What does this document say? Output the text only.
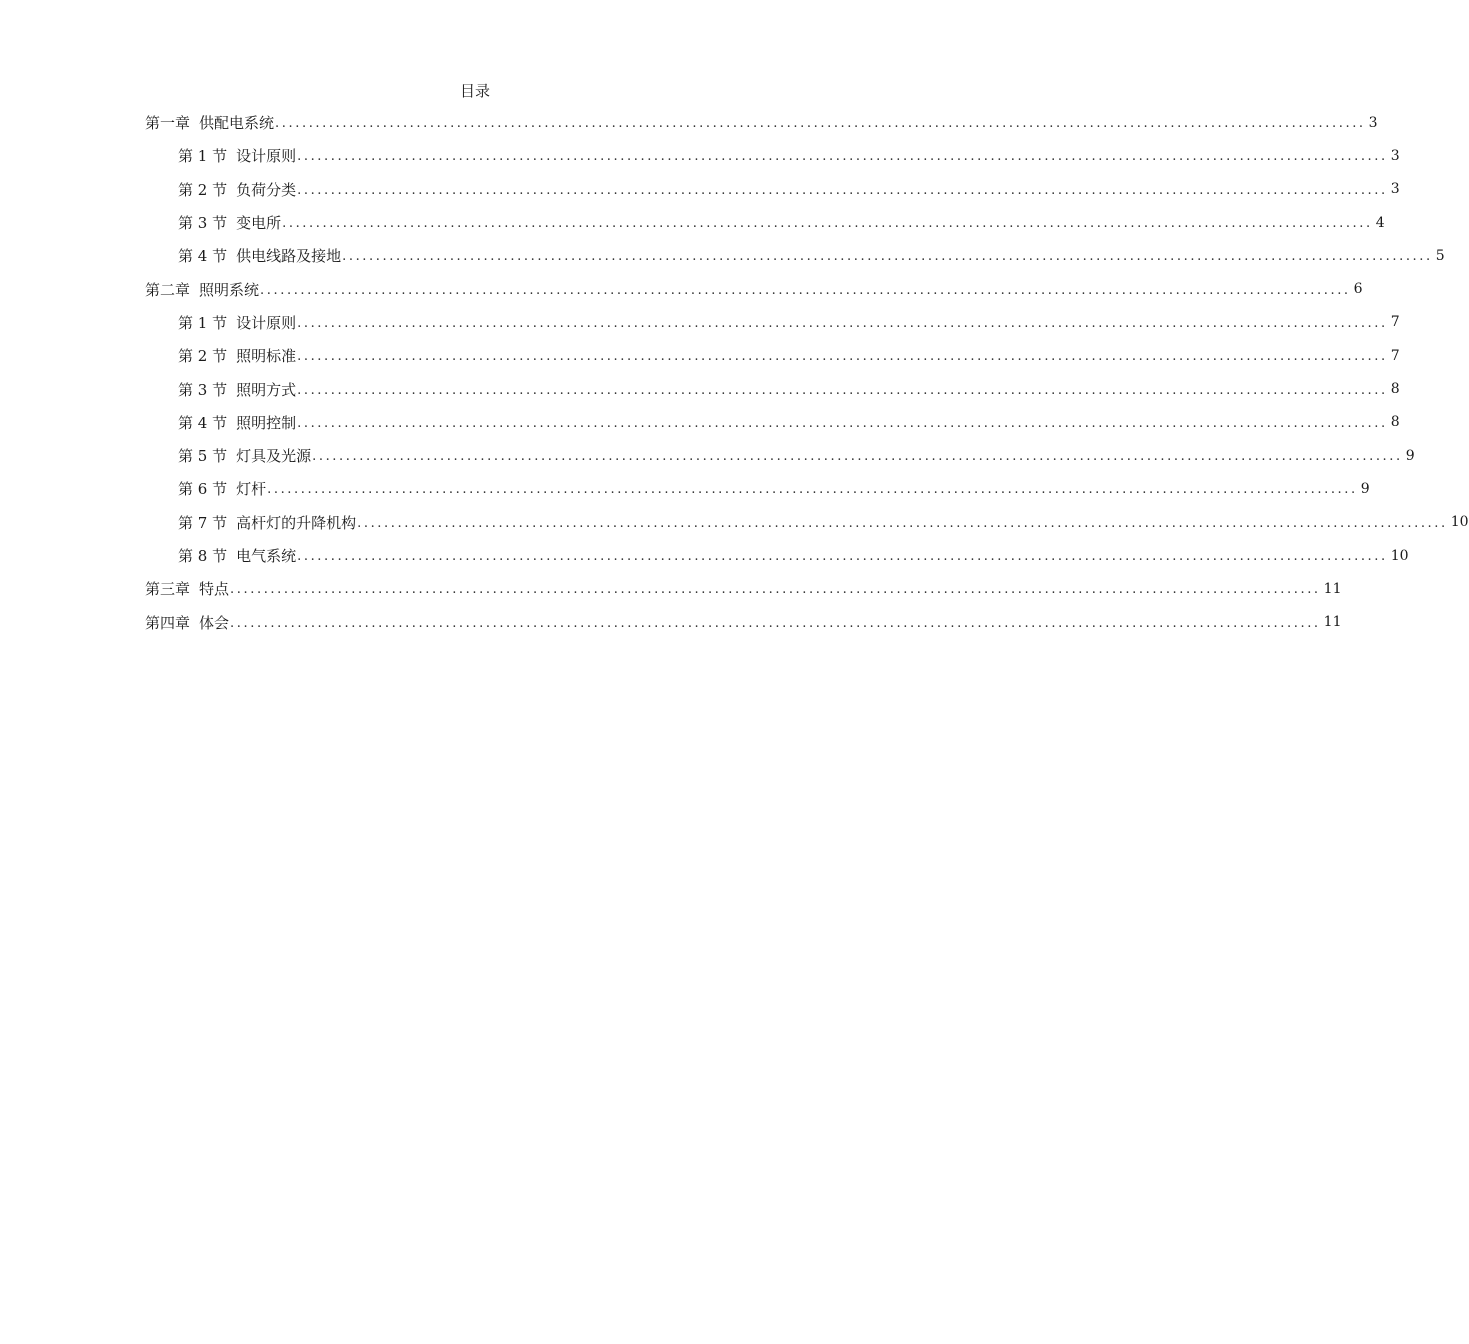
目录
第一章 供配电系统 .................................................................................................................................................................. 3
第 1 节 设计原则 .................................................................................................................................................................. 3
第 2 节 负荷分类 .................................................................................................................................................................. 3
第 3 节 变电所 .................................................................................................................................................................. 4
第 4 节 供电线路及接地 .................................................................................................................................................................. 5
第二章 照明系统 .................................................................................................................................................................. 6
第 1 节 设计原则 .................................................................................................................................................................. 7
第 2 节 照明标准 .................................................................................................................................................................. 7
第 3 节 照明方式 .................................................................................................................................................................. 8
第 4 节 照明控制 .................................................................................................................................................................. 8
第 5 节 灯具及光源 .................................................................................................................................................................. 9
第 6 节 灯杆 .................................................................................................................................................................. 9
第 7 节 高杆灯的升降机构 .................................................................................................................................................................. 10
第 8 节 电气系统 .................................................................................................................................................................. 10
第三章 特点 .................................................................................................................................................................. 11
第四章 体会 .................................................................................................................................................................. 11
